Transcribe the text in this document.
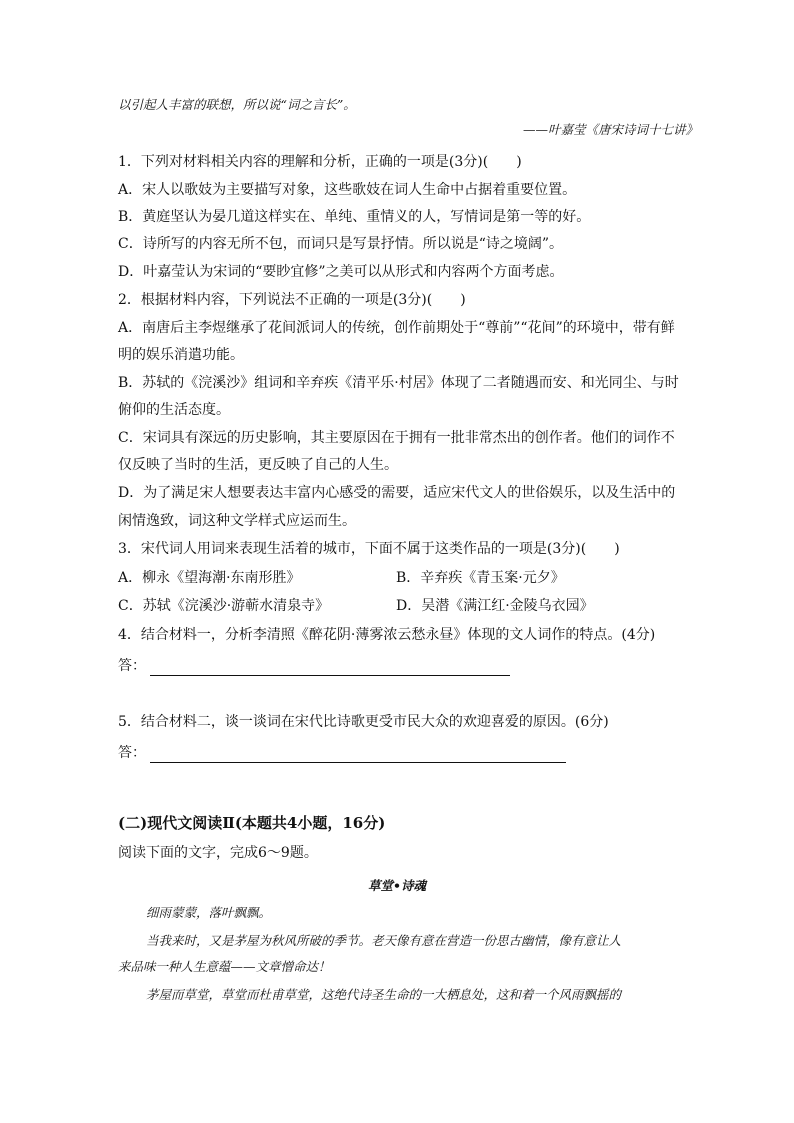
以引起人丰富的联想，所以说“词之言长”。
——叶嘉莹《唐宋诗词十七讲》
1．下列对材料相关内容的理解和分析，正确的一项是(3分)(　　)
A．宋人以歌妓为主要描写对象，这些歌妓在词人生命中占据着重要位置。
B．黄庭坚认为晏几道这样实在、单纯、重情义的人，写情词是第一等的好。
C．诗所写的内容无所不包，而词只是写景抒情。所以说是“诗之境阔”。
D．叶嘉莹认为宋词的“要眇宜修”之美可以从形式和内容两个方面考虑。
2．根据材料内容，下列说法不正确的一项是(3分)(　　)
A．南唐后主李煜继承了花间派词人的传统，创作前期处于“尊前”“花间”的环境中，带有鲜
明的娱乐消遣功能。
B．苏轼的《浣溪沙》组词和辛弃疾《清平乐·村居》体现了二者随遇而安、和光同尘、与时
俯仰的生活态度。
C．宋词具有深远的历史影响，其主要原因在于拥有一批非常杰出的创作者。他们的词作不
仅反映了当时的生活，更反映了自己的人生。
D．为了满足宋人想要表达丰富内心感受的需要，适应宋代文人的世俗娱乐，以及生活中的
闲情逸致，词这种文学样式应运而生。
3．宋代词人用词来表现生活着的城市，下面不属于这类作品的一项是(3分)(　　)
A．柳永《望海潮·东南形胜》	B．辛弃疾《青玉案·元夕》
C．苏轼《浣溪沙·游蕲水清泉寺》	D．吴潜《满江红·金陵乌衣园》
4．结合材料一，分析李清照《醉花阴·薄雾浓云愁永昼》体现的文人词作的特点。(4分)
答：
5．结合材料二，谈一谈词在宋代比诗歌更受市民大众的欢迎喜爱的原因。(6分)
答：
(二)现代文阅读Ⅱ(本题共4小题，16分)
阅读下面的文字，完成6～9题。
草堂•诗魂
细雨蒙蒙，落叶飘飘。
当我来时，又是茅屋为秋风所破的季节。老天像有意在营造一份思古幽情，像有意让人
来品味一种人生意蕴——文章憎命达！
茅屋而草堂，草堂而杜甫草堂，这绝代诗圣生命的一大栖息处，这和着一个风雨飘摇的
